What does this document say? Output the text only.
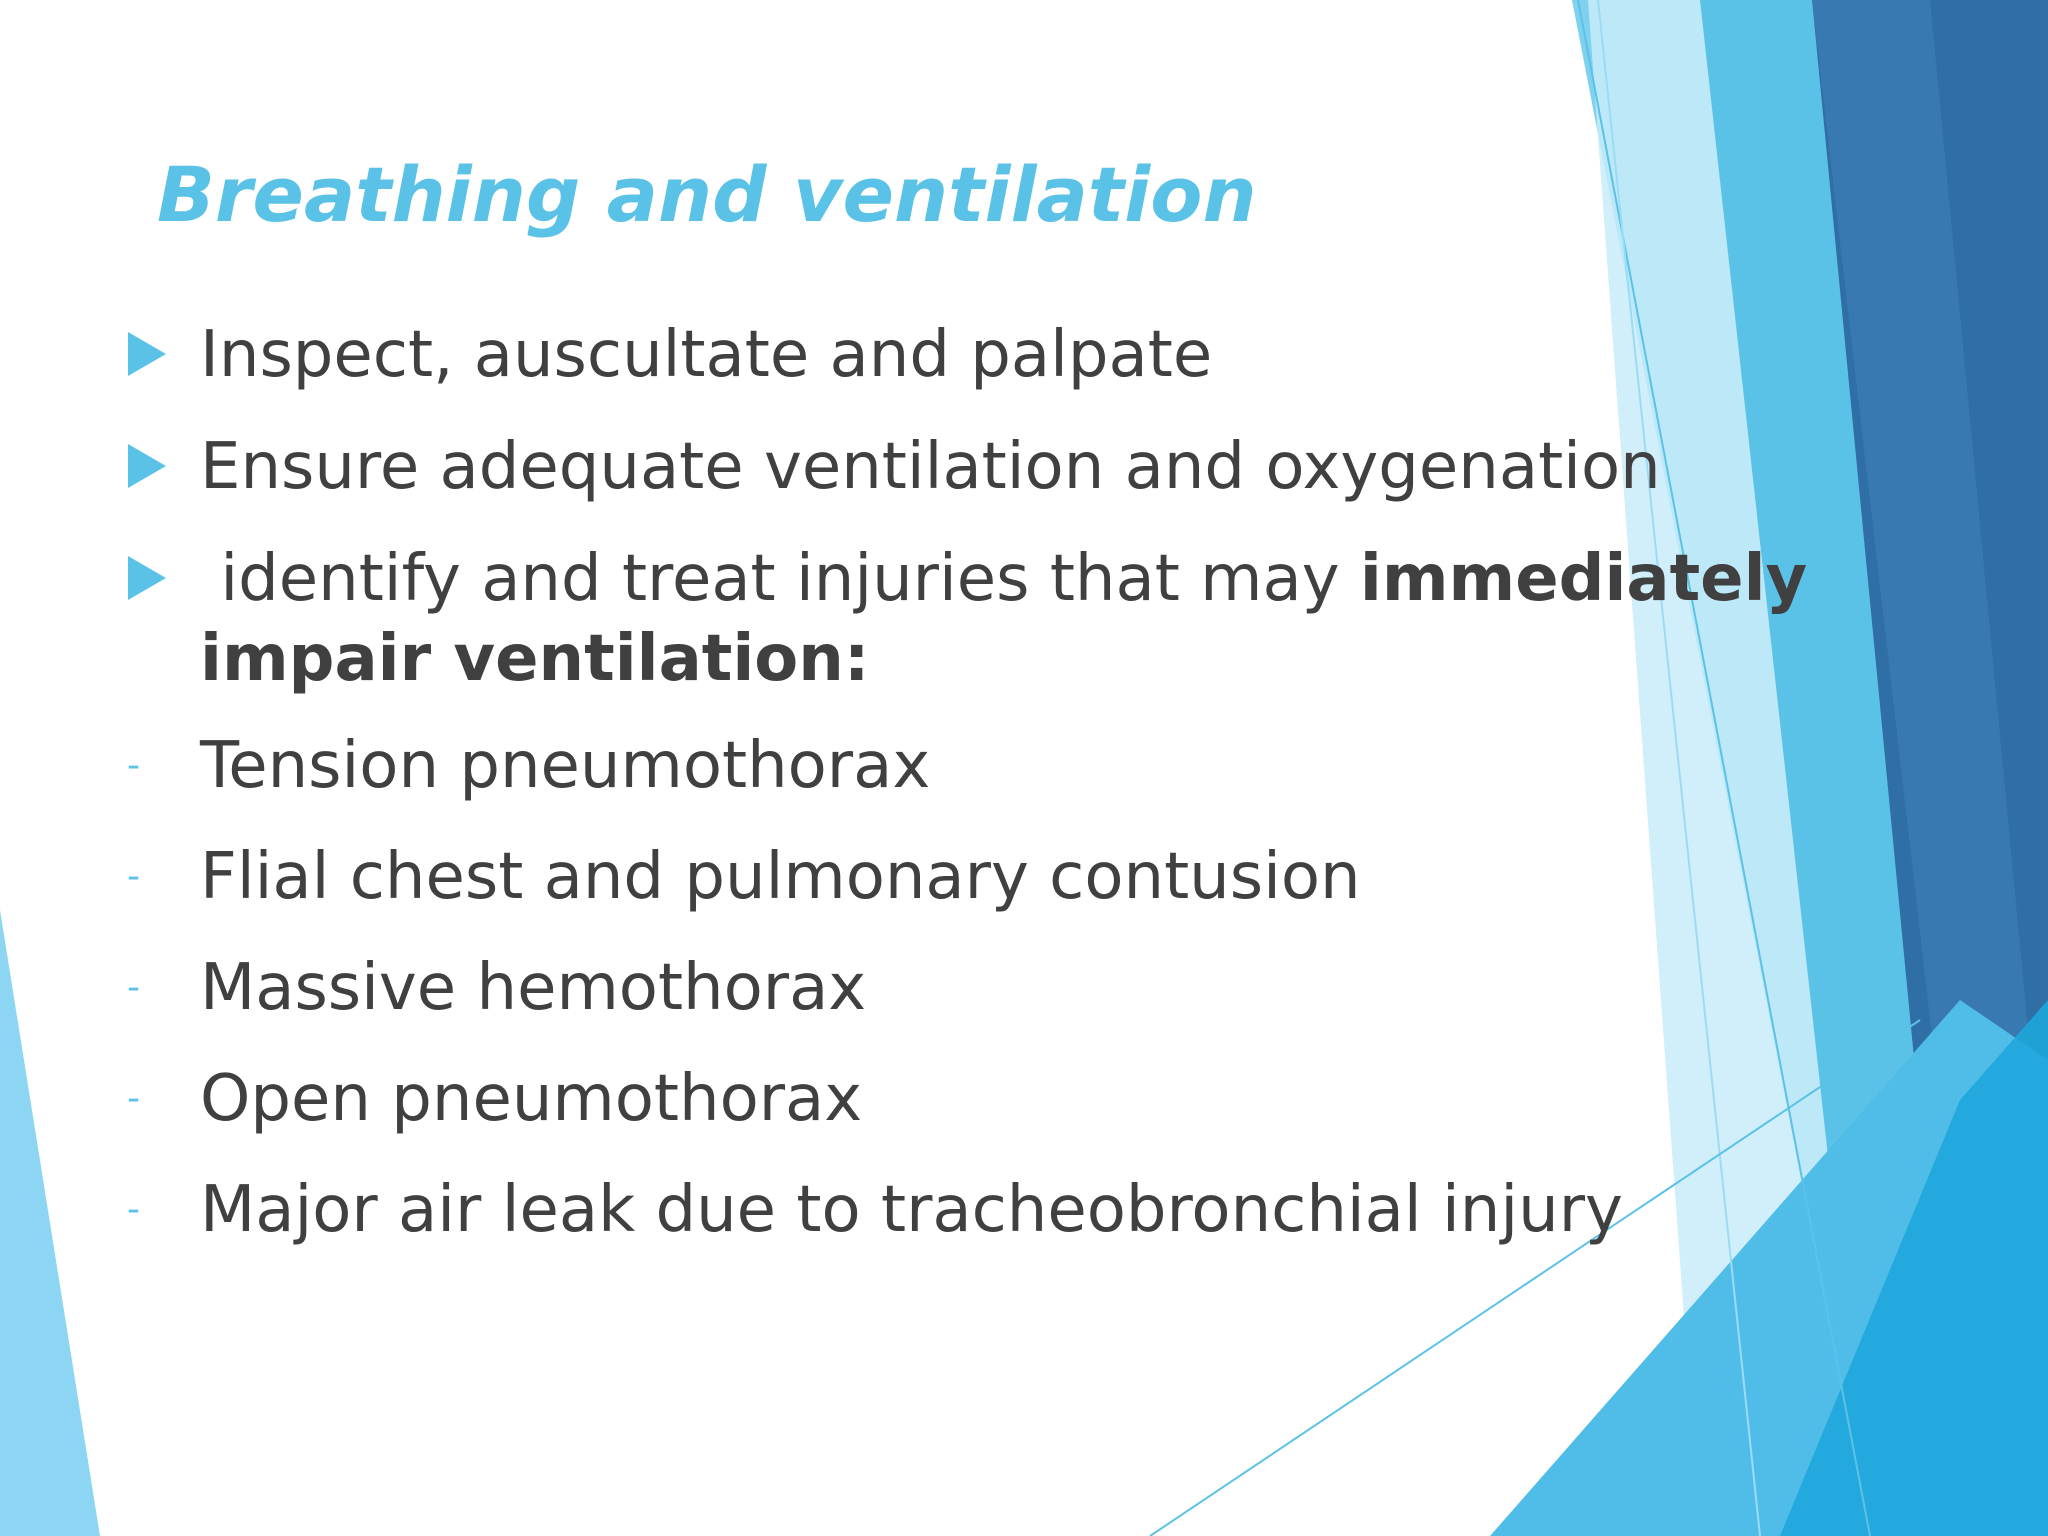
Breathing and ventilation
Inspect, auscultate and palpate
Ensure adequate ventilation and oxygenation
identify and treat injuries that may immediately impair ventilation:
- Tension pneumothorax
- Flial chest and pulmonary contusion
- Massive hemothorax
- Open pneumothorax
- Major air leak due to tracheobronchial injury
